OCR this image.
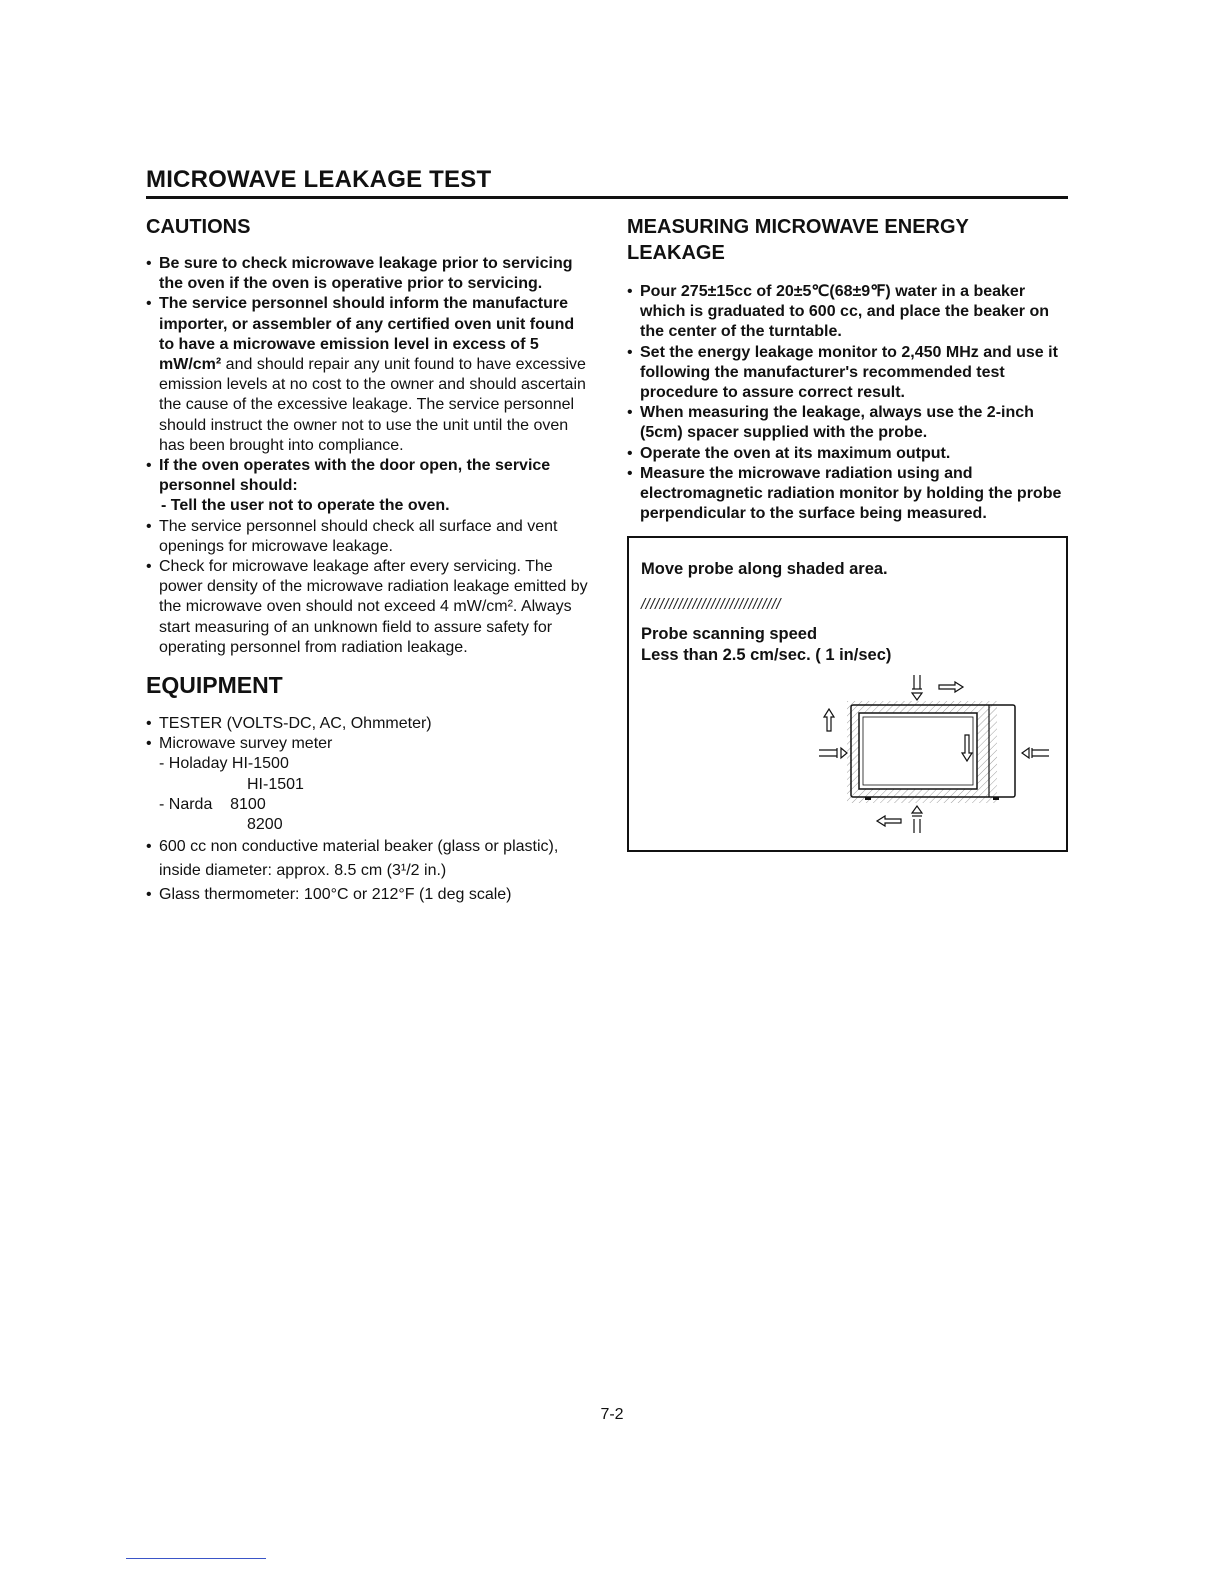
MICROWAVE LEAKAGE TEST
CAUTIONS
• Be sure to check microwave leakage prior to servicing the oven if the oven is operative prior to servicing.
• The service personnel should inform the manufacture importer, or assembler of any certified oven unit found to have a microwave emission level in excess of 5 mW/cm² and should repair any unit found to have excessive emission levels at no cost to the owner and should ascertain the cause of the excessive leakage. The service personnel should instruct the owner not to use the unit until the oven has been brought into compliance.
• If the oven operates with the door open, the service personnel should:
- Tell the user not to operate the oven.
• The service personnel should check all surface and vent openings for microwave leakage.
• Check for microwave leakage after every servicing. The power density of the microwave radiation leakage emitted by the microwave oven should not exceed 4 mW/cm². Always start measuring of an unknown field to assure safety for operating personnel from radiation leakage.
EQUIPMENT
• TESTER (VOLTS-DC, AC, Ohmmeter)
• Microwave survey meter
- Holaday HI-1500
HI-1501
- Narda    8100
8200
• 600 cc non conductive material beaker (glass or plastic), inside diameter: approx. 8.5 cm (3¹/2 in.)
• Glass thermometer: 100°C or 212°F (1 deg scale)
MEASURING MICROWAVE ENERGY LEAKAGE
• Pour 275±15cc of 20±5℃(68±9℉) water in a beaker which is graduated to 600 cc, and place the beaker on the center of the turntable.
• Set the energy leakage monitor to 2,450 MHz and use it following the manufacturer's recommended test procedure to assure correct result.
• When measuring the leakage, always use the 2-inch (5cm) spacer supplied with the probe.
• Operate the oven at its maximum output.
• Measure the microwave radiation using and electromagnetic radiation monitor by holding the probe perpendicular to the surface being measured.
Move probe along shaded area.
//////////////////////////////
Probe scanning speed
Less than 2.5 cm/sec. ( 1 in/sec)
7-2
